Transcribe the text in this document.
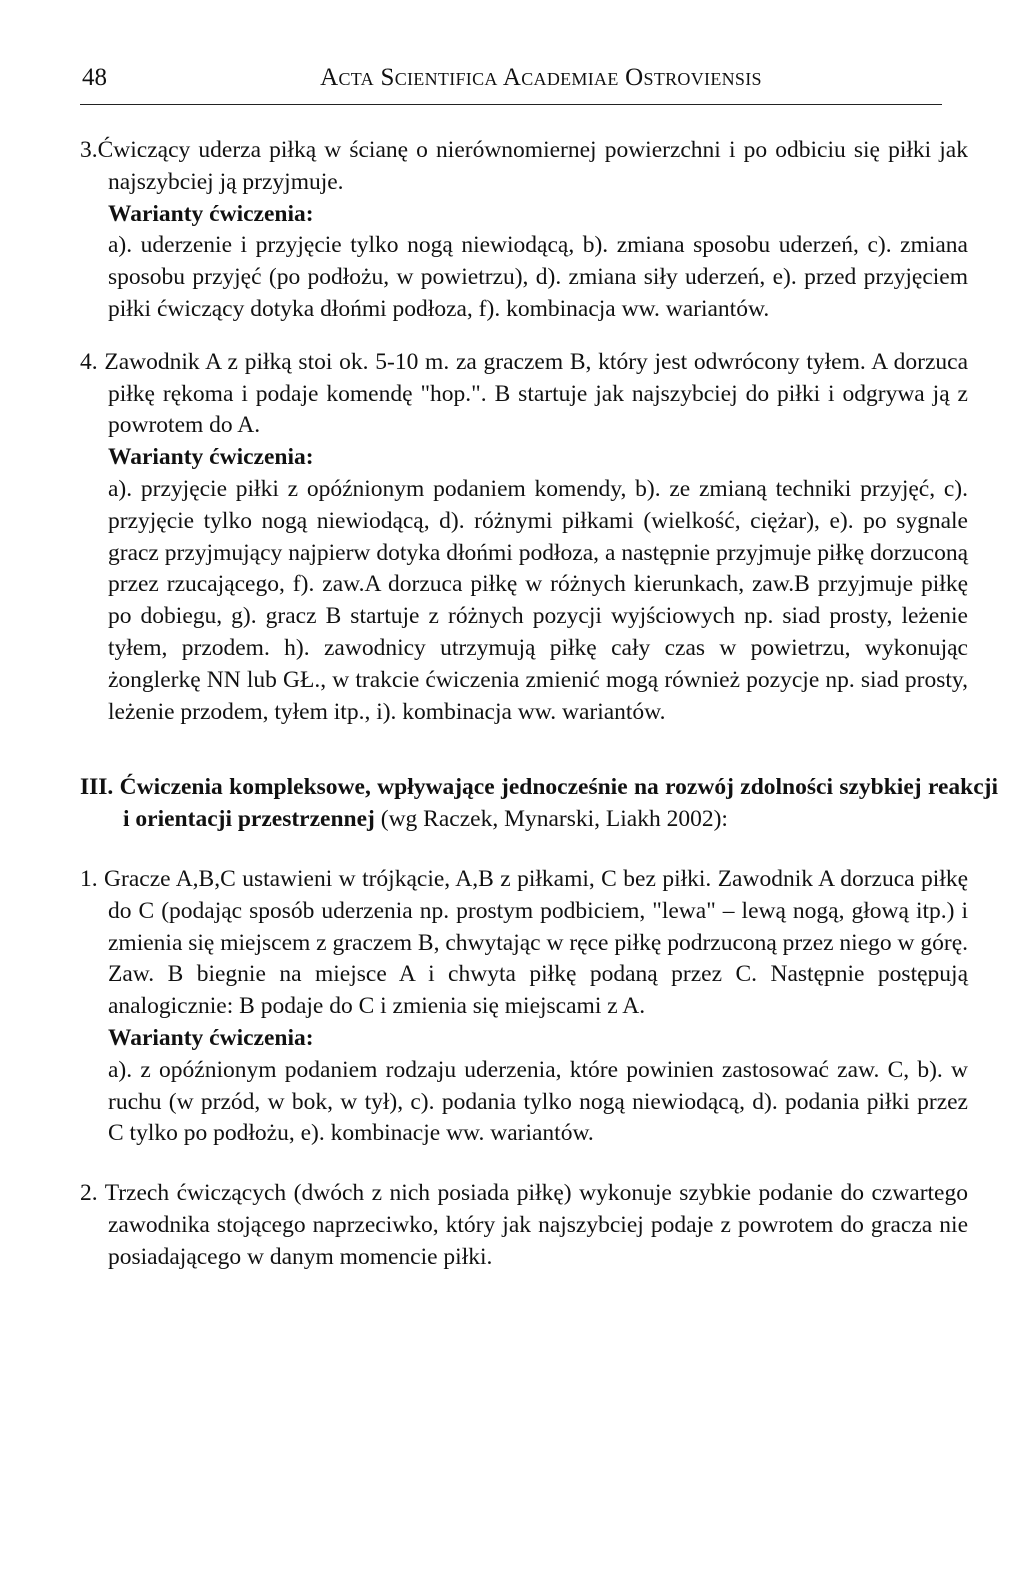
48	Acta Scientifica Academiae Ostroviensis

3.Ćwiczący uderza piłką w ścianę o nierównomiernej powierzchni i po odbiciu się piłki jak najszybciej ją przyjmuje.

Warianty ćwiczenia:

a). uderzenie i przyjęcie tylko nogą niewiodącą, b). zmiana sposobu uderzeń, c). zmiana sposobu przyjęć (po podłożu, w powietrzu), d). zmiana siły uderzeń, e). przed przyjęciem piłki ćwiczący dotyka dłońmi podłoza, f). kombinacja ww. wariantów.

4. Zawodnik A z piłką stoi ok. 5-10 m. za graczem B, który jest odwrócony tyłem. A dorzuca piłkę rękoma i podaje komendę "hop.". B startuje jak najszybciej do piłki i odgrywa ją z powrotem do A.

Warianty ćwiczenia:

a). przyjęcie piłki z opóźnionym podaniem komendy, b). ze zmianą techniki przyjęć, c). przyjęcie tylko nogą niewiodącą, d). różnymi piłkami (wielkość, ciężar), e). po sygnale gracz przyjmujący najpierw dotyka dłońmi podłoza, a następnie przyjmuje piłkę dorzuconą przez rzucającego, f). zaw.A dorzuca piłkę w różnych kierunkach, zaw.B przyjmuje piłkę po dobiegu, g). gracz B startuje z różnych pozycji wyjściowych np. siad prosty, leżenie tyłem, przodem. h). zawodnicy utrzymują piłkę cały czas w powietrzu, wykonując żonglerkę NN lub GŁ., w trakcie ćwiczenia zmienić mogą również pozycje np. siad prosty, leżenie przodem, tyłem itp., i). kombinacja ww. wariantów.

III. Ćwiczenia kompleksowe, wpływające jednocześnie na rozwój zdolności szybkiej reakcji i orientacji przestrzennej (wg Raczek, Mynarski, Liakh 2002):

1. Gracze A,B,C ustawieni w trójkącie, A,B z piłkami, C bez piłki. Zawodnik A dorzuca piłkę do C (podając sposób uderzenia np. prostym podbiciem, "lewa" – lewą nogą, głową itp.) i zmienia się miejscem z graczem B, chwytając w ręce piłkę podrzuconą przez niego w górę. Zaw. B biegnie na miejsce A i chwyta piłkę podaną przez C. Następnie postępują analogicznie: B podaje do C i zmienia się miejscami z A.

Warianty ćwiczenia:

a). z opóźnionym podaniem rodzaju uderzenia, które powinien zastosować zaw. C, b). w ruchu (w przód, w bok, w tył), c). podania tylko nogą niewiodącą, d). podania piłki przez C tylko po podłożu, e). kombinacje ww. wariantów.

2. Trzech ćwiczących (dwóch z nich posiada piłkę) wykonuje szybkie podanie do czwartego zawodnika stojącego naprzeciwko, który jak najszybciej podaje z powrotem do gracza nie posiadającego w danym momencie piłki.
